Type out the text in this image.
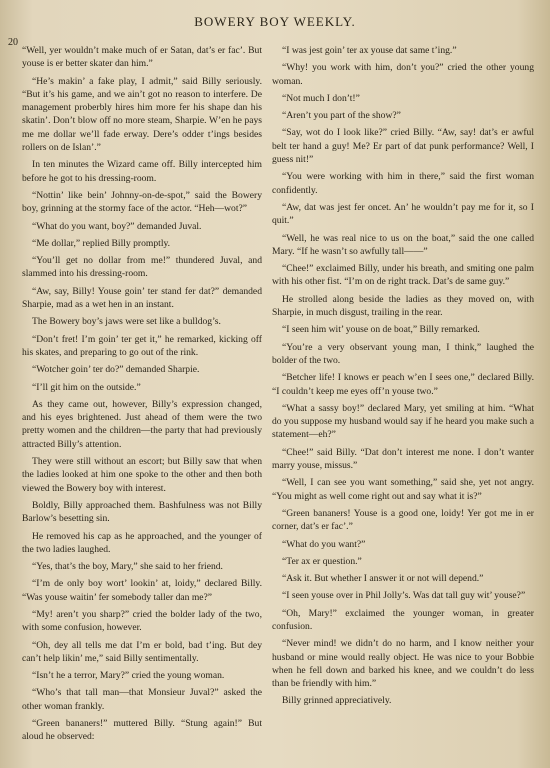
BOWERY BOY WEEKLY.
20

“Well, yer wouldn’t make much of er Satan, dat’s er fac’. But youse is er better skater dan him.”

“He’s makin’ a fake play, I admit,” said Billy seriously. “But it’s his game, and we ain’t got no reason to interfere. De management proberbly hires him more fer his shape dan his skatin’. Don’t blow off no more steam, Sharpie. W’en he pays me me dollar we’ll fade erway. Dere’s odder t’ings besides rollers on de Islan’.”

In ten minutes the Wizard came off. Billy intercepted him before he got to his dressing-room.

“Nottin’ like bein’ Johnny-on-de-spot,” said the Bowery boy, grinning at the stormy face of the actor. “Heh—wot?”

“What do you want, boy?” demanded Juval.

“Me dollar,” replied Billy promptly.

“You’ll get no dollar from me!” thundered Juval, and slammed into his dressing-room.

“Aw, say, Billy! Youse goin’ ter stand fer dat?” demanded Sharpie, mad as a wet hen in an instant.

The Bowery boy’s jaws were set like a bulldog’s.

“Don’t fret! I’m goin’ ter get it,” he remarked, kicking off his skates, and preparing to go out of the rink.

“Wotcher goin’ ter do?” demanded Sharpie.

“I’ll git him on the outside.”

As they came out, however, Billy’s expression changed, and his eyes brightened. Just ahead of them were the two pretty women and the children—the party that had previously attracted Billy’s attention.

They were still without an escort; but Billy saw that when the ladies looked at him one spoke to the other and then both viewed the Bowery boy with interest.

Boldly, Billy approached them. Bashfulness was not Billy Barlow’s besetting sin.

He removed his cap as he approached, and the younger of the two ladies laughed.

“Yes, that’s the boy, Mary,” she said to her friend.

“I’m de only boy wort’ lookin’ at, loidy,” declared Billy. “Was youse waitin’ fer somebody taller dan me?”

“My! aren’t you sharp?” cried the bolder lady of the two, with some confusion, however.

“Oh, dey all tells me dat I’m er bold, bad t’ing. But dey can’t help likin’ me,” said Billy sentimentally.

“Isn’t he a terror, Mary?” cried the young woman.

“Who’s that tall man—that Monsieur Juval?” asked the other woman frankly.

“Green bananers!” muttered Billy. “Stung again!” But aloud he observed:

“I was jest goin’ ter ax youse dat same t’ing.”

“Why! you work with him, don’t you?” cried the other young woman.

“Not much I don’t!”

“Aren’t you part of the show?”

“Say, wot do I look like?” cried Billy. “Aw, say! dat’s er awful belt ter hand a guy! Me? Er part of dat punk performance? Well, I guess nit!”

“You were working with him in there,” said the first woman confidently.

“Aw, dat was jest fer oncet. An’ he wouldn’t pay me for it, so I quit.”

“Well, he was real nice to us on the boat,” said the one called Mary. “If he wasn’t so awfully tall——”

“Chee!” exclaimed Billy, under his breath, and smiting one palm with his other fist. “I’m on de right track. Dat’s de same guy.”

He strolled along beside the ladies as they moved on, with Sharpie, in much disgust, trailing in the rear.

“I seen him wit’ youse on de boat,” Billy remarked.

“You’re a very observant young man, I think,” laughed the bolder of the two.

“Betcher life! I knows er peach w’en I sees one,” declared Billy. “I couldn’t keep me eyes off’n youse two.”

“What a sassy boy!” declared Mary, yet smiling at him. “What do you suppose my husband would say if he heard you make such a statement—eh?”

“Chee!” said Billy. “Dat don’t interest me none. I don’t wanter marry youse, missus.”

“Well, I can see you want something,” said she, yet not angry. “You might as well come right out and say what it is?”

“Green bananers! Youse is a good one, loidy! Yer got me in er corner, dat’s er fac’.”

“What do you want?”

“Ter ax er question.”

“Ask it. But whether I answer it or not will depend.”

“I seen youse over in Phil Jolly’s. Was dat tall guy wit’ youse?”

“Oh, Mary!” exclaimed the younger woman, in greater confusion.

“Never mind! we didn’t do no harm, and I know neither your husband or mine would really object. He was nice to your Bobbie when he fell down and barked his knee, and we couldn’t do less than be friendly with him.”

Billy grinned appreciatively.
